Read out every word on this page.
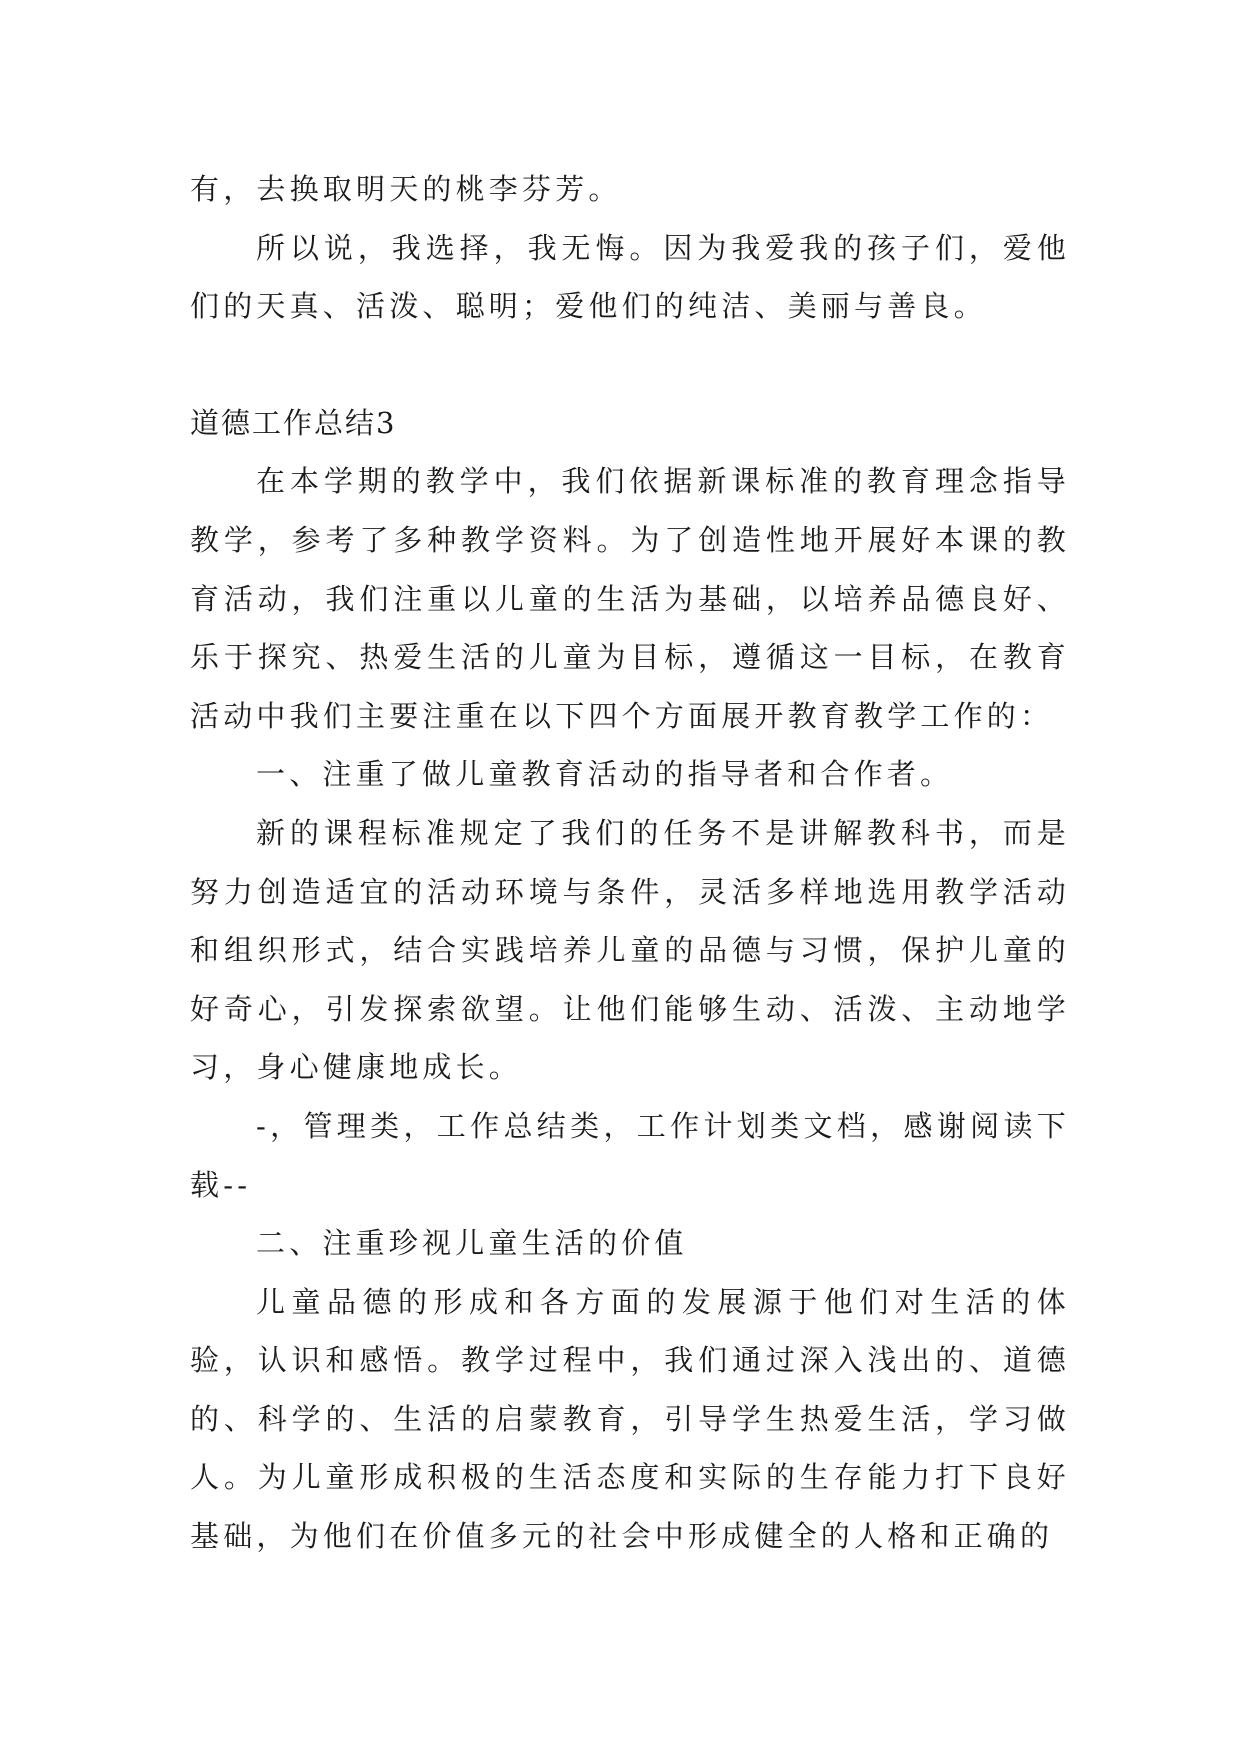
有，去换取明天的桃李芬芳。

所以说，我选择，我无悔。因为我爱我的孩子们，爱他们的天真、活泼、聪明；爱他们的纯洁、美丽与善良。

道德工作总结3

在本学期的教学中，我们依据新课标准的教育理念指导教学，参考了多种教学资料。为了创造性地开展好本课的教育活动，我们注重以儿童的生活为基础，以培养品德良好、乐于探究、热爱生活的儿童为目标，遵循这一目标，在教育活动中我们主要注重在以下四个方面展开教育教学工作的：

一、注重了做儿童教育活动的指导者和合作者。

新的课程标准规定了我们的任务不是讲解教科书，而是努力创造适宜的活动环境与条件，灵活多样地选用教学活动和组织形式，结合实践培养儿童的品德与习惯，保护儿童的好奇心，引发探索欲望。让他们能够生动、活泼、主动地学习，身心健康地成长。

-，管理类，工作总结类，工作计划类文档，感谢阅读下载--

二、注重珍视儿童生活的价值

儿童品德的形成和各方面的发展源于他们对生活的体验，认识和感悟。教学过程中，我们通过深入浅出的、道德的、科学的、生活的启蒙教育，引导学生热爱生活，学习做人。为儿童形成积极的生活态度和实际的生存能力打下良好基础，为他们在价值多元的社会中形成健全的人格和正确的
